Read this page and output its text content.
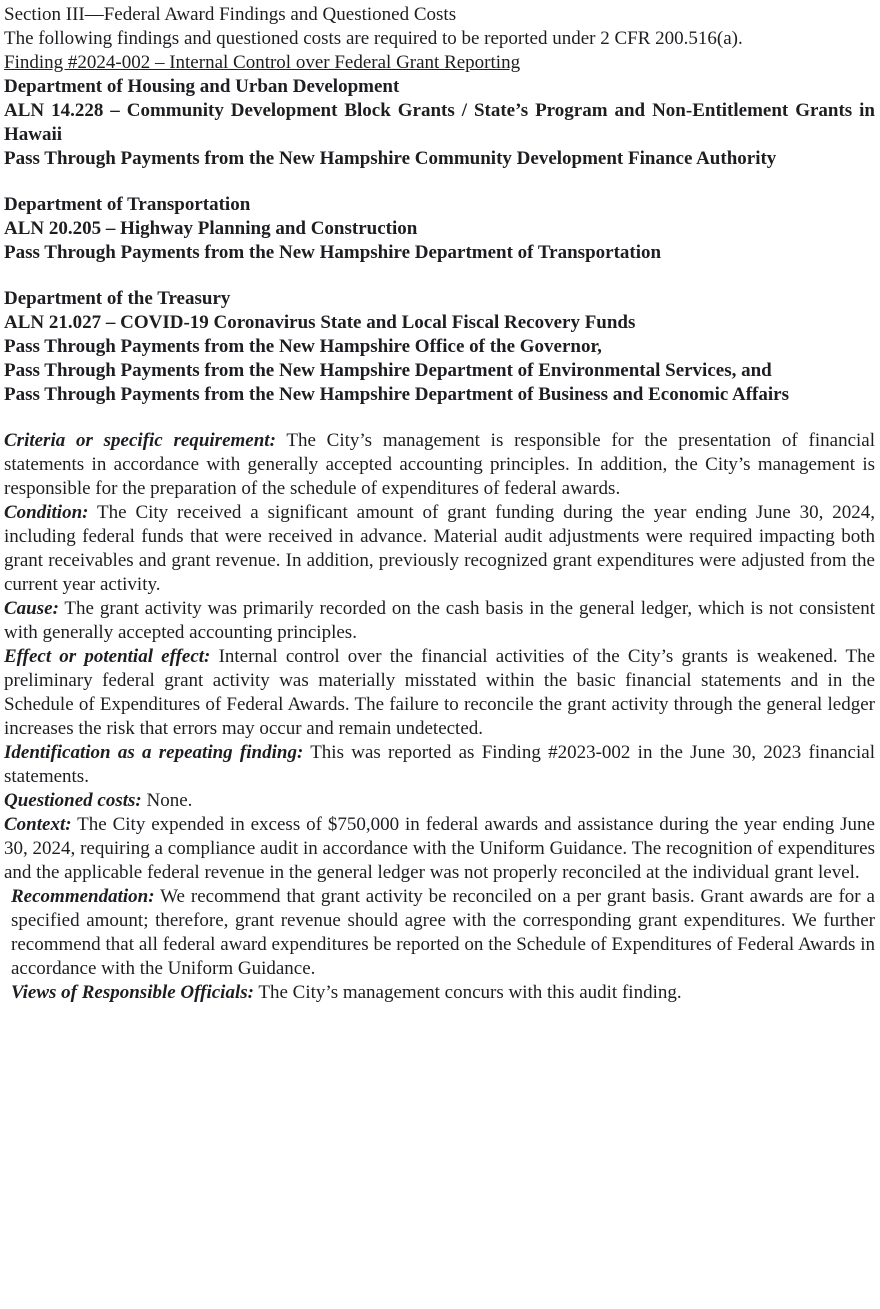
Section III—Federal Award Findings and Questioned Costs

The following findings and questioned costs are required to be reported under 2 CFR 200.516(a).

Finding #2024-002 – Internal Control over Federal Grant Reporting

Department of Housing and Urban Development

ALN 14.228 – Community Development Block Grants / State’s Program and Non-Entitlement Grants in Hawaii

Pass Through Payments from the New Hampshire Community Development Finance Authority

Department of Transportation

ALN 20.205 – Highway Planning and Construction

Pass Through Payments from the New Hampshire Department of Transportation

Department of the Treasury

ALN 21.027 – COVID-19 Coronavirus State and Local Fiscal Recovery Funds

Pass Through Payments from the New Hampshire Office of the Governor,

Pass Through Payments from the New Hampshire Department of Environmental Services, and

Pass Through Payments from the New Hampshire Department of Business and Economic Affairs

Criteria or specific requirement: The City’s management is responsible for the presentation of financial statements in accordance with generally accepted accounting principles. In addition, the City’s management is responsible for the preparation of the schedule of expenditures of federal awards.

Condition: The City received a significant amount of grant funding during the year ending June 30, 2024, including federal funds that were received in advance. Material audit adjustments were required impacting both grant receivables and grant revenue. In addition, previously recognized grant expenditures were adjusted from the current year activity.

Cause: The grant activity was primarily recorded on the cash basis in the general ledger, which is not consistent with generally accepted accounting principles.

Effect or potential effect: Internal control over the financial activities of the City’s grants is weakened. The preliminary federal grant activity was materially misstated within the basic financial statements and in the Schedule of Expenditures of Federal Awards. The failure to reconcile the grant activity through the general ledger increases the risk that errors may occur and remain undetected.

Identification as a repeating finding: This was reported as Finding #2023-002 in the June 30, 2023 financial statements.

Questioned costs: None.

Context: The City expended in excess of $750,000 in federal awards and assistance during the year ending June 30, 2024, requiring a compliance audit in accordance with the Uniform Guidance. The recognition of expenditures and the applicable federal revenue in the general ledger was not properly reconciled at the individual grant level.

Recommendation: We recommend that grant activity be reconciled on a per grant basis. Grant awards are for a specified amount; therefore, grant revenue should agree with the corresponding grant expenditures. We further recommend that all federal award expenditures be reported on the Schedule of Expenditures of Federal Awards in accordance with the Uniform Guidance.

Views of Responsible Officials: The City’s management concurs with this audit finding.
